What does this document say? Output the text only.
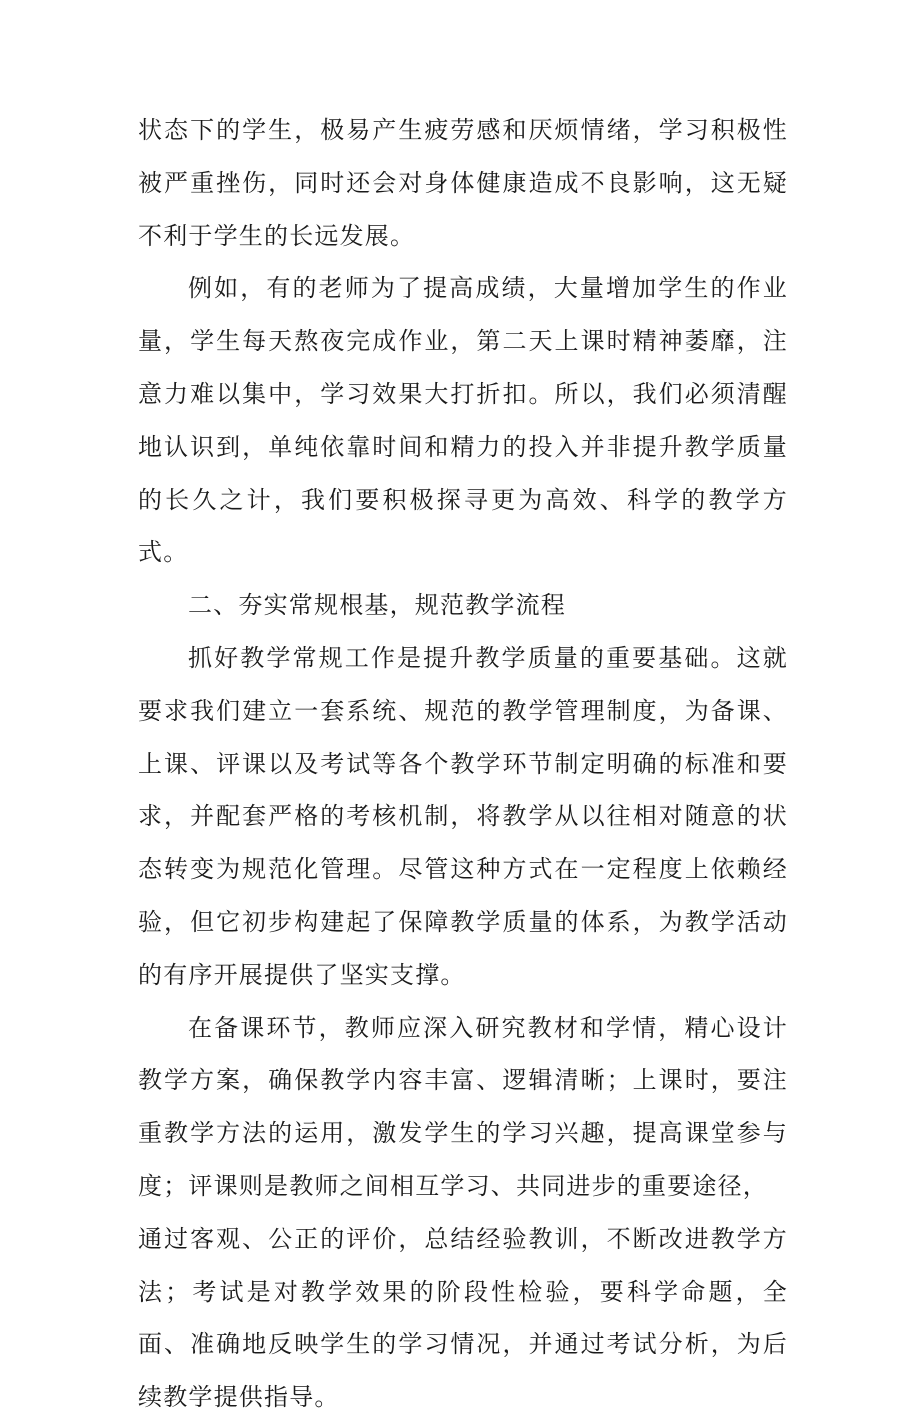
状态下的学生，极易产生疲劳感和厌烦情绪，学习积极性被严重挫伤，同时还会对身体健康造成不良影响，这无疑不利于学生的长远发展。

例如，有的老师为了提高成绩，大量增加学生的作业量，学生每天熬夜完成作业，第二天上课时精神萎靡，注意力难以集中，学习效果大打折扣。所以，我们必须清醒地认识到，单纯依靠时间和精力的投入并非提升教学质量的长久之计，我们要积极探寻更为高效、科学的教学方式。

二、夯实常规根基，规范教学流程

抓好教学常规工作是提升教学质量的重要基础。这就要求我们建立一套系统、规范的教学管理制度，为备课、上课、评课以及考试等各个教学环节制定明确的标准和要求，并配套严格的考核机制，将教学从以往相对随意的状态转变为规范化管理。尽管这种方式在一定程度上依赖经验，但它初步构建起了保障教学质量的体系，为教学活动的有序开展提供了坚实支撑。

在备课环节，教师应深入研究教材和学情，精心设计教学方案，确保教学内容丰富、逻辑清晰；上课时，要注重教学方法的运用，激发学生的学习兴趣，提高课堂参与度；评课则是教师之间相互学习、共同进步的重要途径，

通过客观、公正的评价，总结经验教训，不断改进教学方法；考试是对教学效果的阶段性检验，要科学命题，全面、准确地反映学生的学习情况，并通过考试分析，为后续教学提供指导。
